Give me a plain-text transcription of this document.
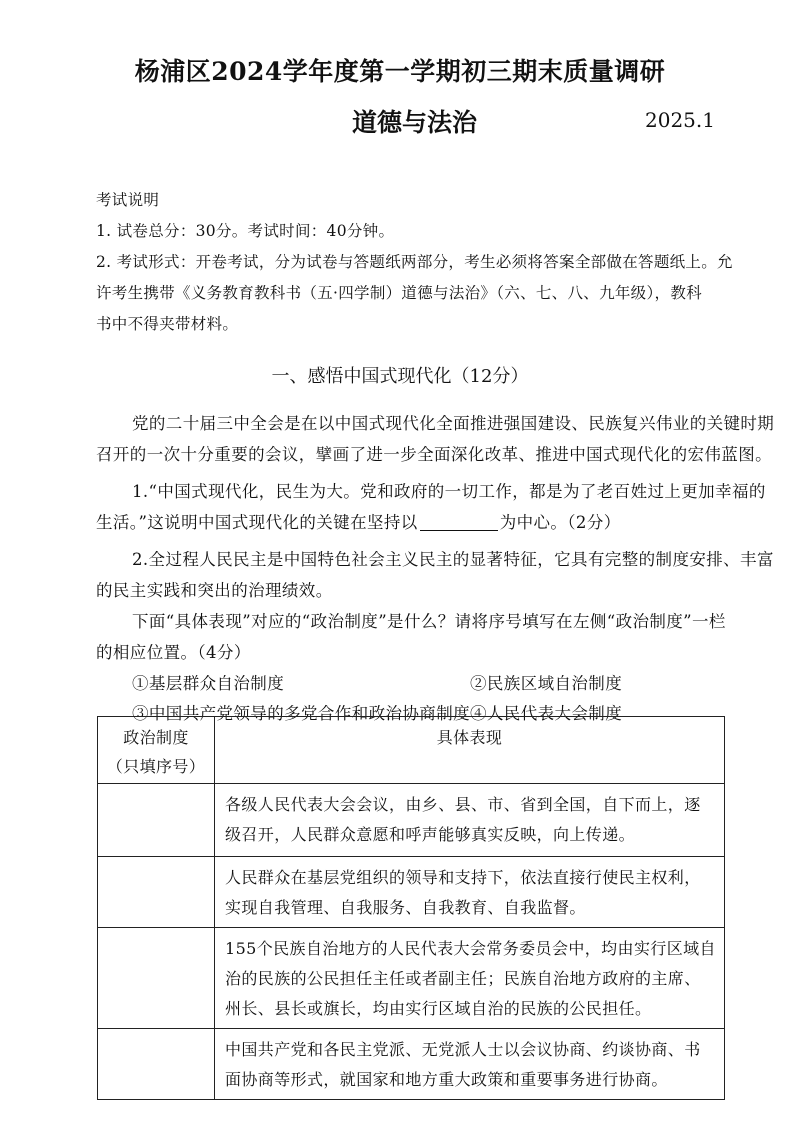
杨浦区2024学年度第一学期初三期末质量调研
道德与法治	2025.1
考试说明
1. 试卷总分：30分。考试时间：40分钟。
2. 考试形式：开卷考试，分为试卷与答题纸两部分，考生必须将答案全部做在答题纸上。允
许考生携带《义务教育教科书（五·四学制）道德与法治》（六、七、八、九年级），教科
书中不得夹带材料。
一、感悟中国式现代化（12分）
党的二十届三中全会是在以中国式现代化全面推进强国建设、民族复兴伟业的关键时期
召开的一次十分重要的会议，擘画了进一步全面深化改革、推进中国式现代化的宏伟蓝图。
1.“中国式现代化，民生为大。党和政府的一切工作，都是为了老百姓过上更加幸福的
生活。”这说明中国式现代化的关键在坚持以	为中心。（2分）
2.全过程人民民主是中国特色社会主义民主的显著特征，它具有完整的制度安排、丰富
的民主实践和突出的治理绩效。
下面“具体表现”对应的“政治制度”是什么？请将序号填写在左侧“政治制度”一栏
的相应位置。（4分）
①基层群众自治制度	②民族区域自治制度
③中国共产党领导的多党合作和政治协商制度 ④人民代表大会制度
政治制度
（只填序号）	具体表现

	各级人民代表大会会议，由乡、县、市、省到全国，自下而上，逐级召开，人民群众意愿和呼声能够真实反映，向上传递。
	人民群众在基层党组织的领导和支持下，依法直接行使民主权利，实现自我管理、自我服务、自我教育、自我监督。
	155个民族自治地方的人民代表大会常务委员会中，均由实行区域自治的民族的公民担任主任或者副主任；民族自治地方政府的主席、州长、县长或旗长，均由实行区域自治的民族的公民担任。
	中国共产党和各民主党派、无党派人士以会议协商、约谈协商、书面协商等形式，就国家和地方重大政策和重要事务进行协商。
